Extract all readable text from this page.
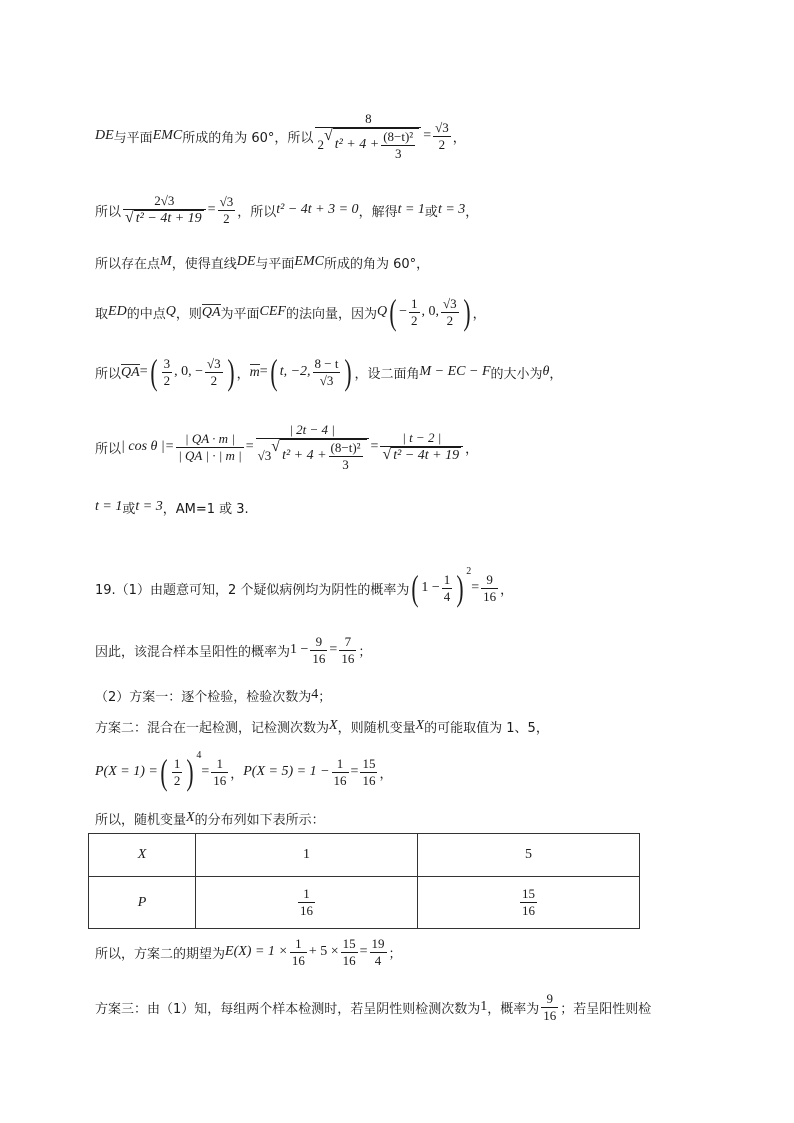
DE 与平面 EMC 所成的角为 60°，所以 8
2
√
$t^2 + 4 + \frac{\text{(8−t)²}}{3} = \frac{√3}{2}$ ，
所以 $\frac{2√3}{\text{√ t² − 4t + 19}} = \frac{√3}{2}$ ，所以 t² − 4t + 3 = 0 ，解得 t = 1 或 t = 3 ，
所以存在点 M ，使得直线 DE 与平面 EMC 所成的角为 60°，
取 ED 的中点 Q ，则 QA 为平面 CEF 的法向量，因为 Q ( − $\frac{1}{2}$ , 0, $\frac{√3}{2}$ ) ，
所以 QA = ( $\frac{3}{2}$ , 0, − $\frac{√3}{2}$ ) ， m = ( t, −2, $\frac{8 - t}{√3}$ ) ，设二面角 M − EC − F 的大小为 θ ，
所以 | cos θ |= $\frac{| QA \cdot m |}{| QA | \cdot | m |}$ = | 2t − 4 |
√3
√
$t^2 + 4 + \frac{\text{(8−t)²}}{3} = \frac{| t - 2 |}{\text{√ t² − 4t + 19}}$ ，
t = 1 或 t = 3 ，AM=1 或 3.
19.（1）由题意可知，2 个疑似病例均为阴性的概率为 ( $1 - \frac{1}{4}$ ) 2
= $\frac{9}{16}$ ，
因此，该混合样本呈阳性的概率为 $1 - \frac{9}{16} = \frac{7}{16}$ ；
（2）方案一：逐个检验，检验次数为 4 ；
方案二：混合在一起检测，记检测次数为 X ，则随机变量 X 的可能取值为 1、5，
P(X = 1) = ( $\frac{1}{2}$ ) 4
= $\frac{1}{16}$ ， $P(X = 5) = 1 - \frac{1}{16} = \frac{15}{16}$ ，
所以，随机变量 X 的分布列如下表所示：
X	1	5
P	$\frac{1}{16}$	$\frac{15}{16}$
所以，方案二的期望为 $E(X) = 1 \times \frac{1}{16} + 5 \times \frac{15}{16} = \frac{19}{4}$ ；
方案三：由（1）知，每组两个样本检测时，若呈阴性则检测次数为 1 ，概率为 $\frac{9}{16}$ ；若呈阳性则检
